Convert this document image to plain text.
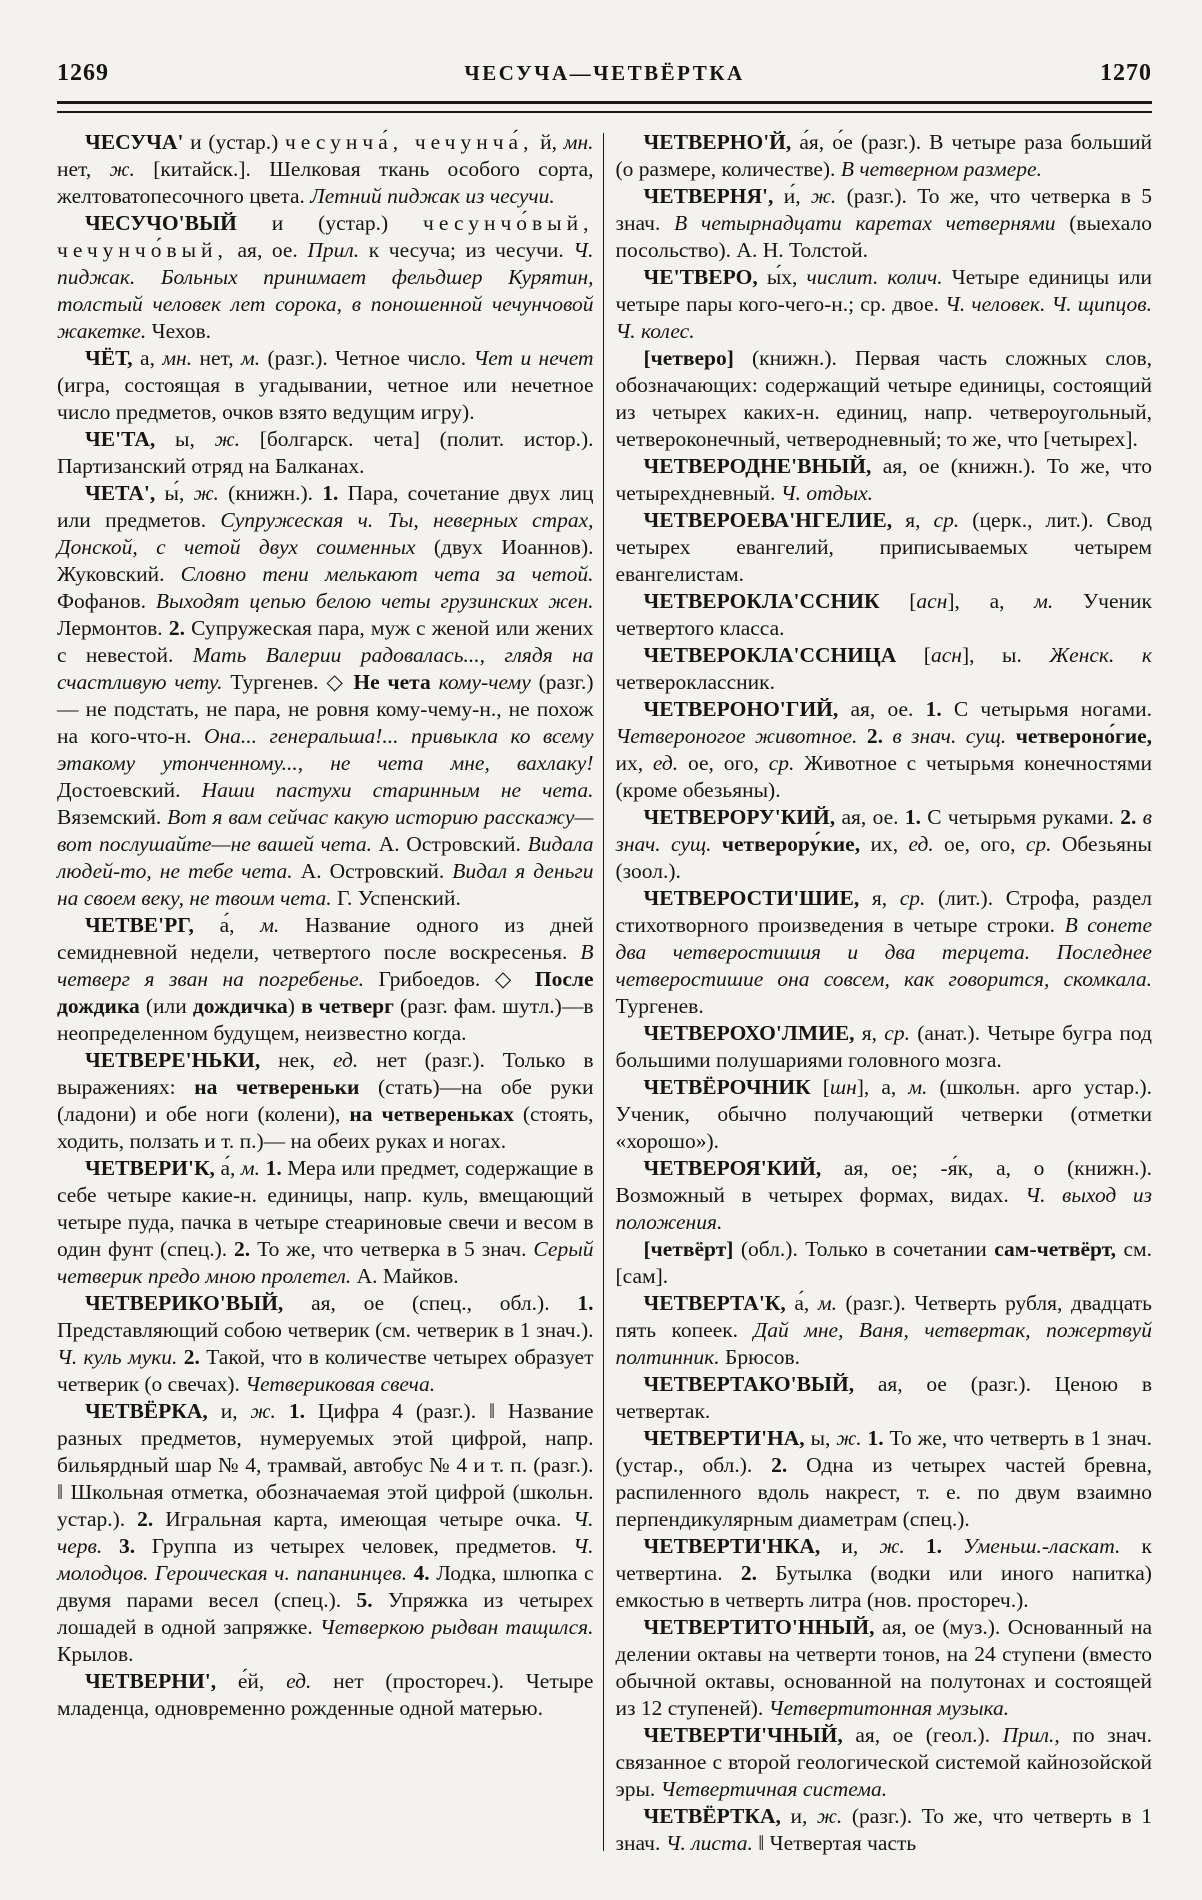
1269	ЧЕСУЧА—ЧЕТВЁРТКА	1270

ЧЕСУЧА' и (устар.) чесунча́, чечунча́, й, мн. нет, ж. [китайск.]. Шелковая ткань особого сорта, желтоватопесочного цвета. Летний пиджак из чесучи.

ЧЕСУЧО'ВЫЙ и (устар.) чесунчо́вый, чечунчо́вый, ая, ое. Прил. к чесуча; из чесучи. Ч. пиджак. Больных принимает фельдшер Курятин, толстый человек лет сорока, в поношенной чечунчовой жакетке. Чехов.

ЧЁТ, а, мн. нет, м. (разг.). Четное число. Чет и нечет (игра, состоящая в угадывании, четное или нечетное число предметов, очков взято ведущим игру).

ЧЕ'ТА, ы, ж. [болгарск. чета] (полит. истор.). Партизанский отряд на Балканах.

ЧЕТА', ы́, ж. (книжн.). 1. Пара, сочетание двух лиц или предметов. Супружеская ч. Ты, неверных страх, Донской, с четой двух соименных (двух Иоаннов). Жуковский. Словно тени мелькают чета за четой. Фофанов. Выходят цепью белою четы грузинских жен. Лермонтов. 2. Супружеская пара, муж с женой или жених с невестой. Мать Валерии радовалась..., глядя на счастливую чету. Тургенев. ◇ Не чета кому-чему (разг.)— не подстать, не пара, не ровня кому-чему-н., не похож на кого-что-н. Она... генеральша!... привыкла ко всему этакому утонченному..., не чета мне, вахлаку! Достоевский. Наши пастухи старинным не чета. Вяземский. Вот я вам сейчас какую историю расскажу—вот послушайте—не вашей чета. А. Островский. Видала людей-то, не тебе чета. А. Островский. Видал я деньги на своем веку, не твоим чета. Г. Успенский.

ЧЕТВЕ'РГ, а́, м. Название одного из дней семидневной недели, четвертого после воскресенья. В четверг я зван на погребенье. Грибоедов. ◇ После дождика (или дождичка) в четверг (разг. фам. шутл.)—в неопределенном будущем, неизвестно когда.

ЧЕТВЕРЕ'НЬКИ, нек, ед. нет (разг.). Только в выражениях: на четвереньки (стать)—на обе руки (ладони) и обе ноги (колени), на четвереньках (стоять, ходить, ползать и т. п.)— на обеих руках и ногах.

ЧЕТВЕРИ'К, а́, м. 1. Мера или предмет, содержащие в себе четыре какие-н. единицы, напр. куль, вмещающий четыре пуда, пачка в четыре стеариновые свечи и весом в один фунт (спец.). 2. То же, что четверка в 5 знач. Серый четверик предо мною пролетел. А. Майков.

ЧЕТВЕРИКО'ВЫЙ, ая, ое (спец., обл.). 1. Представляющий собою четверик (см. четверик в 1 знач.). Ч. куль муки. 2. Такой, что в количестве четырех образует четверик (о свечах). Четвериковая свеча.

ЧЕТВЁРКА, и, ж. 1. Цифра 4 (разг.). ‖ Название разных предметов, нумеруемых этой цифрой, напр. бильярдный шар № 4, трамвай, автобус № 4 и т. п. (разг.). ‖ Школьная отметка, обозначаемая этой цифрой (школьн. устар.). 2. Игральная карта, имеющая четыре очка. Ч. черв. 3. Группа из четырех человек, предметов. Ч. молодцов. Героическая ч. папанинцев. 4. Лодка, шлюпка с двумя парами весел (спец.). 5. Упряжка из четырех лошадей в одной запряжке. Четверкою рыдван тащился. Крылов.

ЧЕТВЕРНИ', е́й, ед. нет (простореч.). Четыре младенца, одновременно рожденные одной матерью.

ЧЕТВЕРНО'Й, а́я, о́е (разг.). В четыре раза больший (о размере, количестве). В четверном размере.

ЧЕТВЕРНЯ', и́, ж. (разг.). То же, что четверка в 5 знач. В четырнадцати каретах четвернями (выехало посольство). А. Н. Толстой.

ЧЕ'ТВЕРО, ы́х, числит. колич. Четыре единицы или четыре пары кого-чего-н.; ср. двое. Ч. человек. Ч. щипцов. Ч. колес.

[четверо] (книжн.). Первая часть сложных слов, обозначающих: содержащий четыре единицы, состоящий из четырех каких-н. единиц, напр. четвероугольный, четвероконечный, четверодневный; то же, что [четырех].

ЧЕТВЕРОДНЕ'ВНЫЙ, ая, ое (книжн.). То же, что четырехдневный. Ч. отдых.

ЧЕТВЕРОЕВА'НГЕЛИЕ, я, ср. (церк., лит.). Свод четырех евангелий, приписываемых четырем евангелистам.

ЧЕТВЕРОКЛА'ССНИК [асн], а, м. Ученик четвертого класса.

ЧЕТВЕРОКЛА'ССНИЦА [асн], ы. Женск. к четвероклассник.

ЧЕТВЕРОНО'ГИЙ, ая, ое. 1. С четырьмя ногами. Четвероногое животное. 2. в знач. сущ. четвероно́гие, их, ед. ое, ого, ср. Животное с четырьмя конечностями (кроме обезьяны).

ЧЕТВЕРОРУ'КИЙ, ая, ое. 1. С четырьмя руками. 2. в знач. сущ. четверору́кие, их, ед. ое, ого, ср. Обезьяны (зоол.).

ЧЕТВЕРОСТИ'ШИЕ, я, ср. (лит.). Строфа, раздел стихотворного произведения в четыре строки. В сонете два четверостишия и два терцета. Последнее четверостишие она совсем, как говорится, скомкала. Тургенев.

ЧЕТВЕРОХО'ЛМИЕ, я, ср. (анат.). Четыре бугра под большими полушариями головного мозга.

ЧЕТВЁРОЧНИК [шн], а, м. (школьн. арго устар.). Ученик, обычно получающий четверки (отметки «хорошо»).

ЧЕТВЕРОЯ'КИЙ, ая, ое; -я́к, а, о (книжн.). Возможный в четырех формах, видах. Ч. выход из положения.

[четвёрт] (обл.). Только в сочетании сам-четвёрт, см. [сам].

ЧЕТВЕРТА'К, а́, м. (разг.). Четверть рубля, двадцать пять копеек. Дай мне, Ваня, четвертак, пожертвуй полтинник. Брюсов.

ЧЕТВЕРТАКО'ВЫЙ, ая, ое (разг.). Ценою в четвертак.

ЧЕТВЕРТИ'НА, ы, ж. 1. То же, что четверть в 1 знач. (устар., обл.). 2. Одна из четырех частей бревна, распиленного вдоль накрест, т. е. по двум взаимно перпендикулярным диаметрам (спец.).

ЧЕТВЕРТИ'НКА, и, ж. 1. Уменьш.-ласкат. к четвертина. 2. Бутылка (водки или иного напитка) емкостью в четверть литра (нов. простореч.).

ЧЕТВЕРТИТО'ННЫЙ, ая, ое (муз.). Основанный на делении октавы на четверти тонов, на 24 ступени (вместо обычной октавы, основанной на полутонах и состоящей из 12 ступеней). Четвертитонная музыка.

ЧЕТВЕРТИ'ЧНЫЙ, ая, ое (геол.). Прил., по знач. связанное с второй геологической системой кайнозойской эры. Четвертичная система.

ЧЕТВЁРТКА, и, ж. (разг.). То же, что четверть в 1 знач. Ч. листа. ‖ Четвертая часть
